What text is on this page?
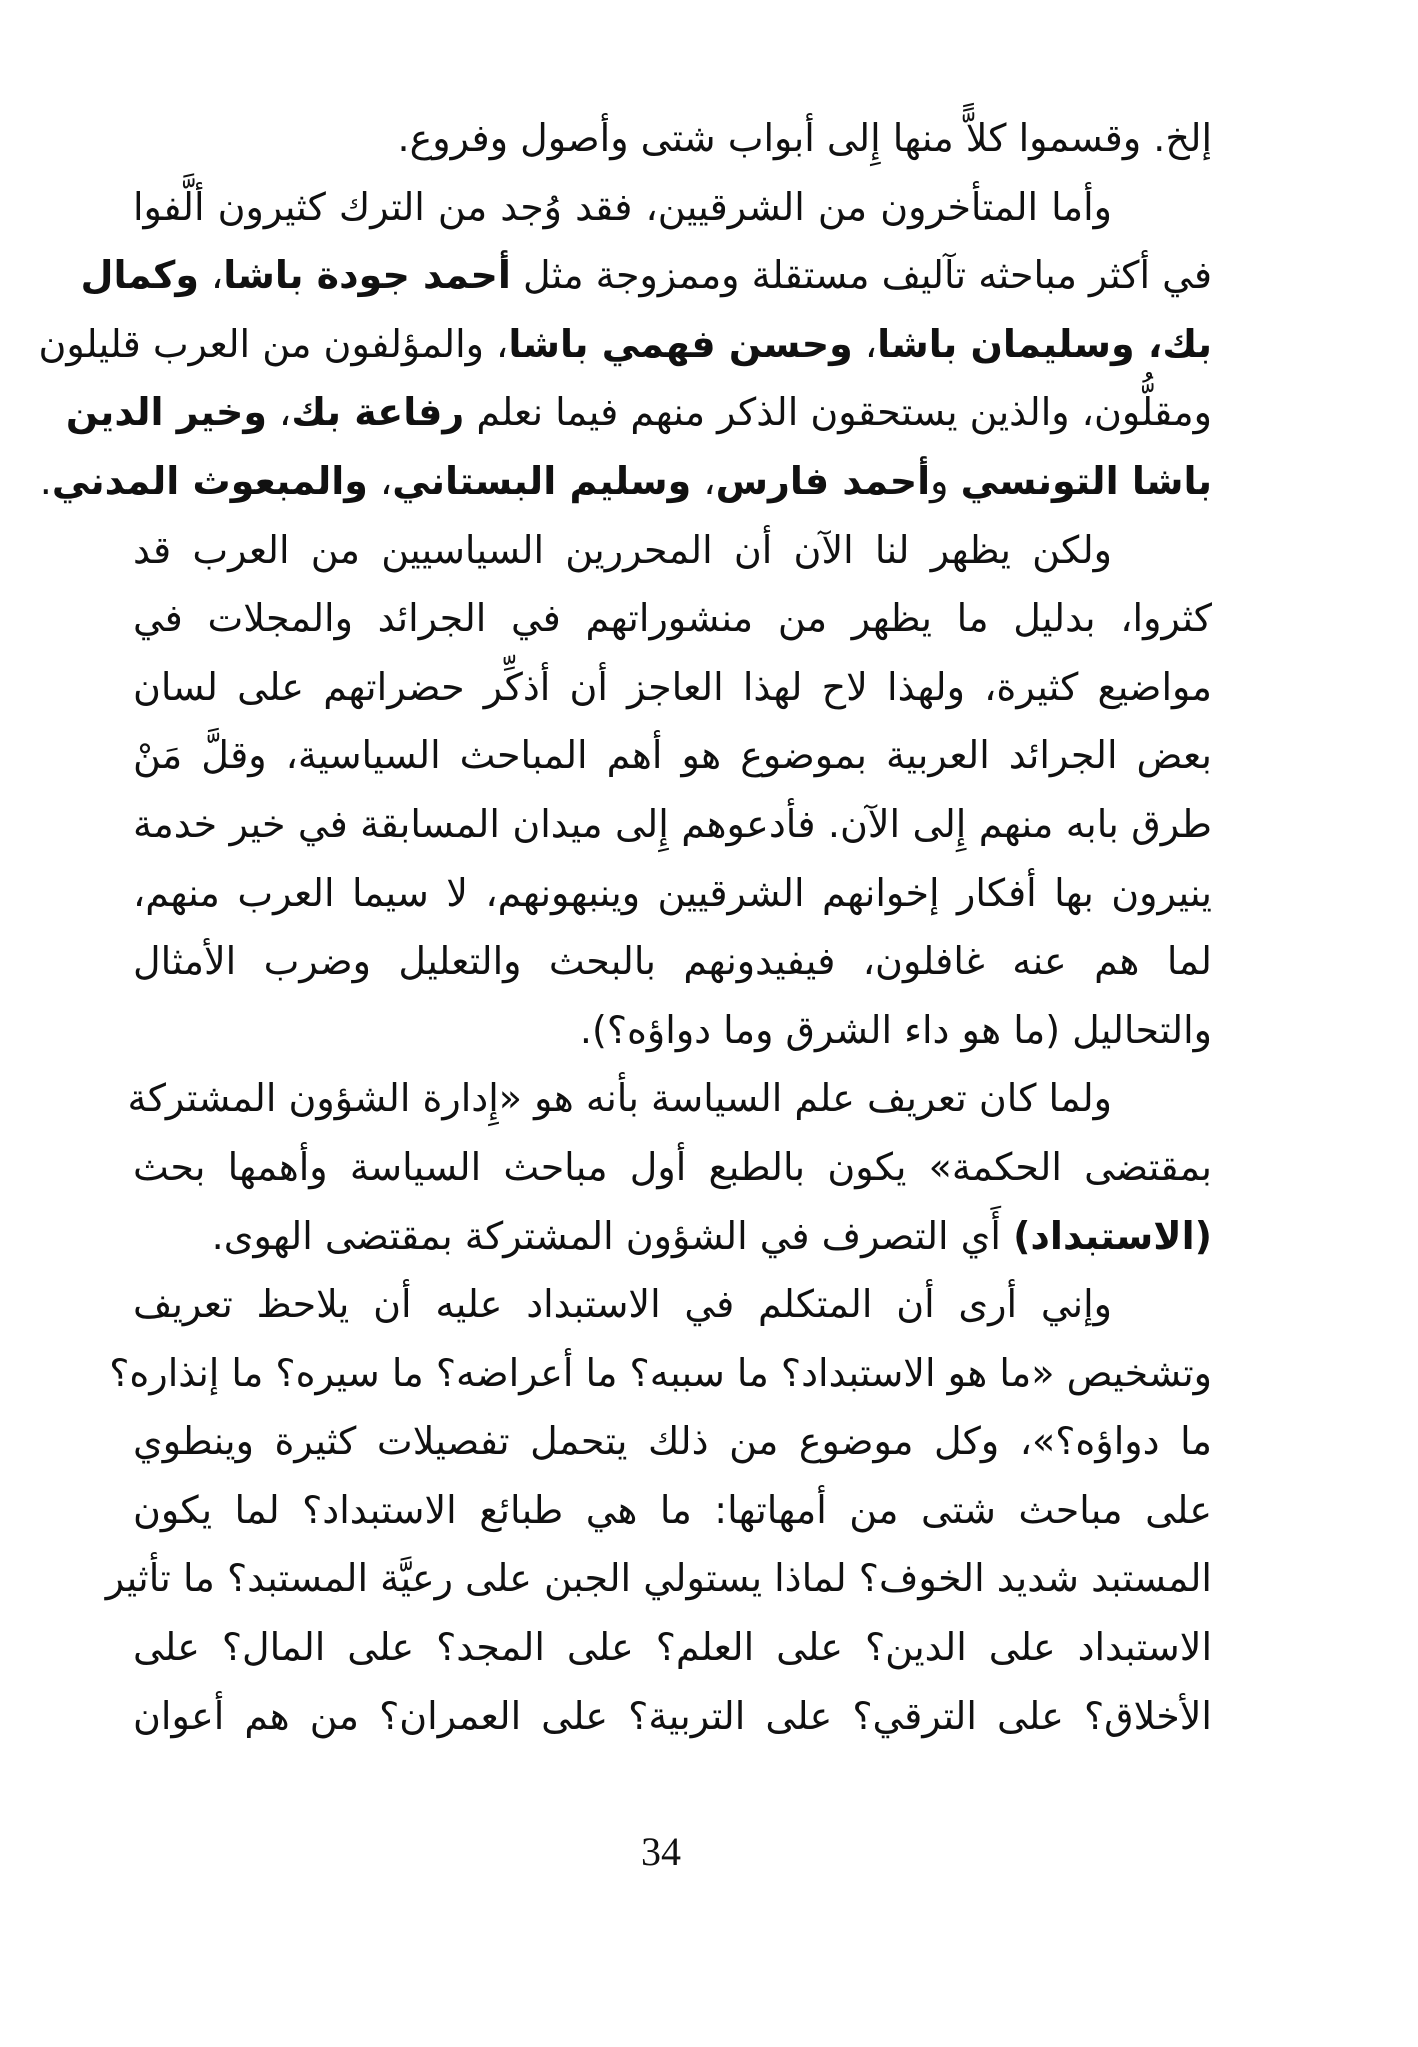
إلخ. وقسموا كلاًّ منها إِلى أبواب شتى وأصول وفروع.
وأما المتأخرون من الشرقيين، فقد وُجد من الترك كثيرون ألَّفوا
في أكثر مباحثه تآليف مستقلة وممزوجة مثل أحمد جودة باشا، وكمال
بك، وسليمان باشا، وحسن فهمي باشا، والمؤلفون من العرب قليلون
ومقلُّون، والذين يستحقون الذكر منهم فيما نعلم رفاعة بك، وخير الدين
باشا التونسي وأحمد فارس، وسليم البستاني، والمبعوث المدني.
ولكن يظهر لنا الآن أن المحررين السياسيين من العرب قد
كثروا، بدليل ما يظهر من منشوراتهم في الجرائد والمجلات في
مواضيع كثيرة، ولهذا لاح لهذا العاجز أن أذكِّر حضراتهم على لسان
بعض الجرائد العربية بموضوع هو أهم المباحث السياسية، وقلَّ مَنْ
طرق بابه منهم إِلى الآن. فأدعوهم إِلى ميدان المسابقة في خير خدمة
ينيرون بها أفكار إخوانهم الشرقيين وينبهونهم، لا سيما العرب منهم،
لما هم عنه غافلون، فيفيدونهم بالبحث والتعليل وضرب الأمثال
والتحاليل (ما هو داء الشرق وما دواؤه؟).
ولما كان تعريف علم السياسة بأنه هو «إِدارة الشؤون المشتركة
بمقتضى الحكمة» يكون بالطبع أول مباحث السياسة وأهمها بحث
(الاستبداد) أَي التصرف في الشؤون المشتركة بمقتضى الهوى.
وإني أرى أن المتكلم في الاستبداد عليه أن يلاحظ تعريف
وتشخيص «ما هو الاستبداد؟ ما سببه؟ ما أعراضه؟ ما سيره؟ ما إنذاره؟
ما دواؤه؟»، وكل موضوع من ذلك يتحمل تفصيلات كثيرة وينطوي
على مباحث شتى من أمهاتها: ما هي طبائع الاستبداد؟ لما يكون
المستبد شديد الخوف؟ لماذا يستولي الجبن على رعيَّة المستبد؟ ما تأثير
الاستبداد على الدين؟ على العلم؟ على المجد؟ على المال؟ على
الأخلاق؟ على الترقي؟ على التربية؟ على العمران؟ من هم أعوان
34
